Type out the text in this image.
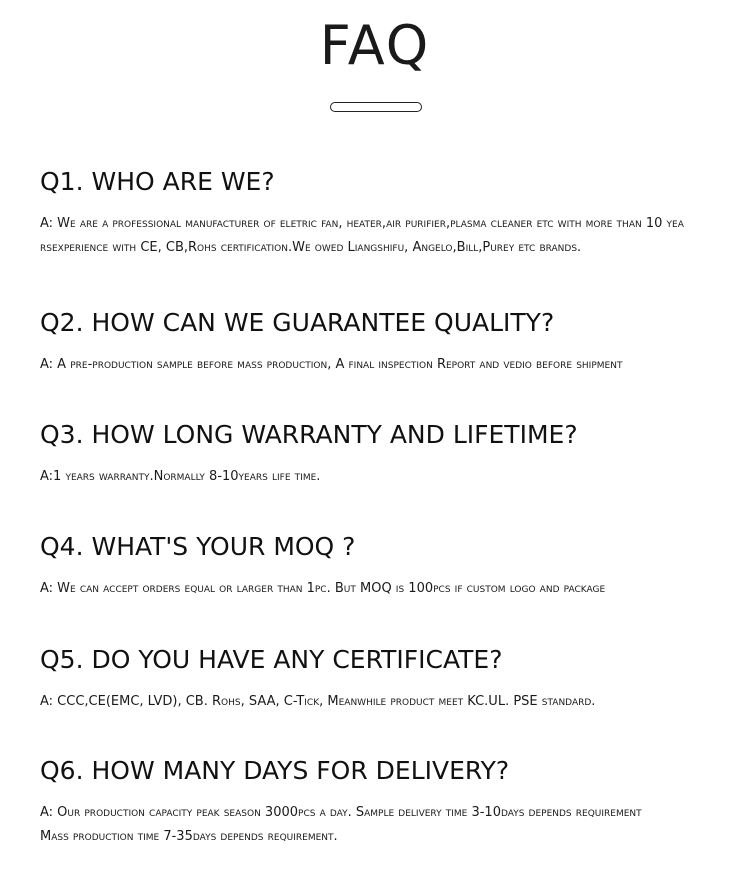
FAQ
Q1. WHO ARE WE?

A: We are a professional manufacturer of eletric fan, heater,air purifier,plasma cleaner etc with more than 10 yea
rsexperience with CE, CB,Rohs certification.We owed Liangshifu, Angelo,Bill,Purey etc brands.

Q2. HOW CAN WE GUARANTEE QUALITY?

A: A pre-production sample before mass production, A final inspection Report and vedio before shipment

Q3. HOW LONG WARRANTY AND LIFETIME?

A:1 years warranty.Normally 8-10years life time.

Q4. WHAT'S YOUR MOQ ?

A: We can accept orders equal or larger than 1pc. But MOQ is 100pcs if custom logo and package

Q5. DO YOU HAVE ANY CERTIFICATE?

A: CCC,CE(EMC, LVD), CB. Rohs, SAA, C-Tick, Meanwhile product meet KC.UL. PSE standard.

Q6. HOW MANY DAYS FOR DELIVERY?

A: Our production capacity peak season 3000pcs a day. Sample delivery time 3-10days depends requirement
Mass production time 7-35days depends requirement.
